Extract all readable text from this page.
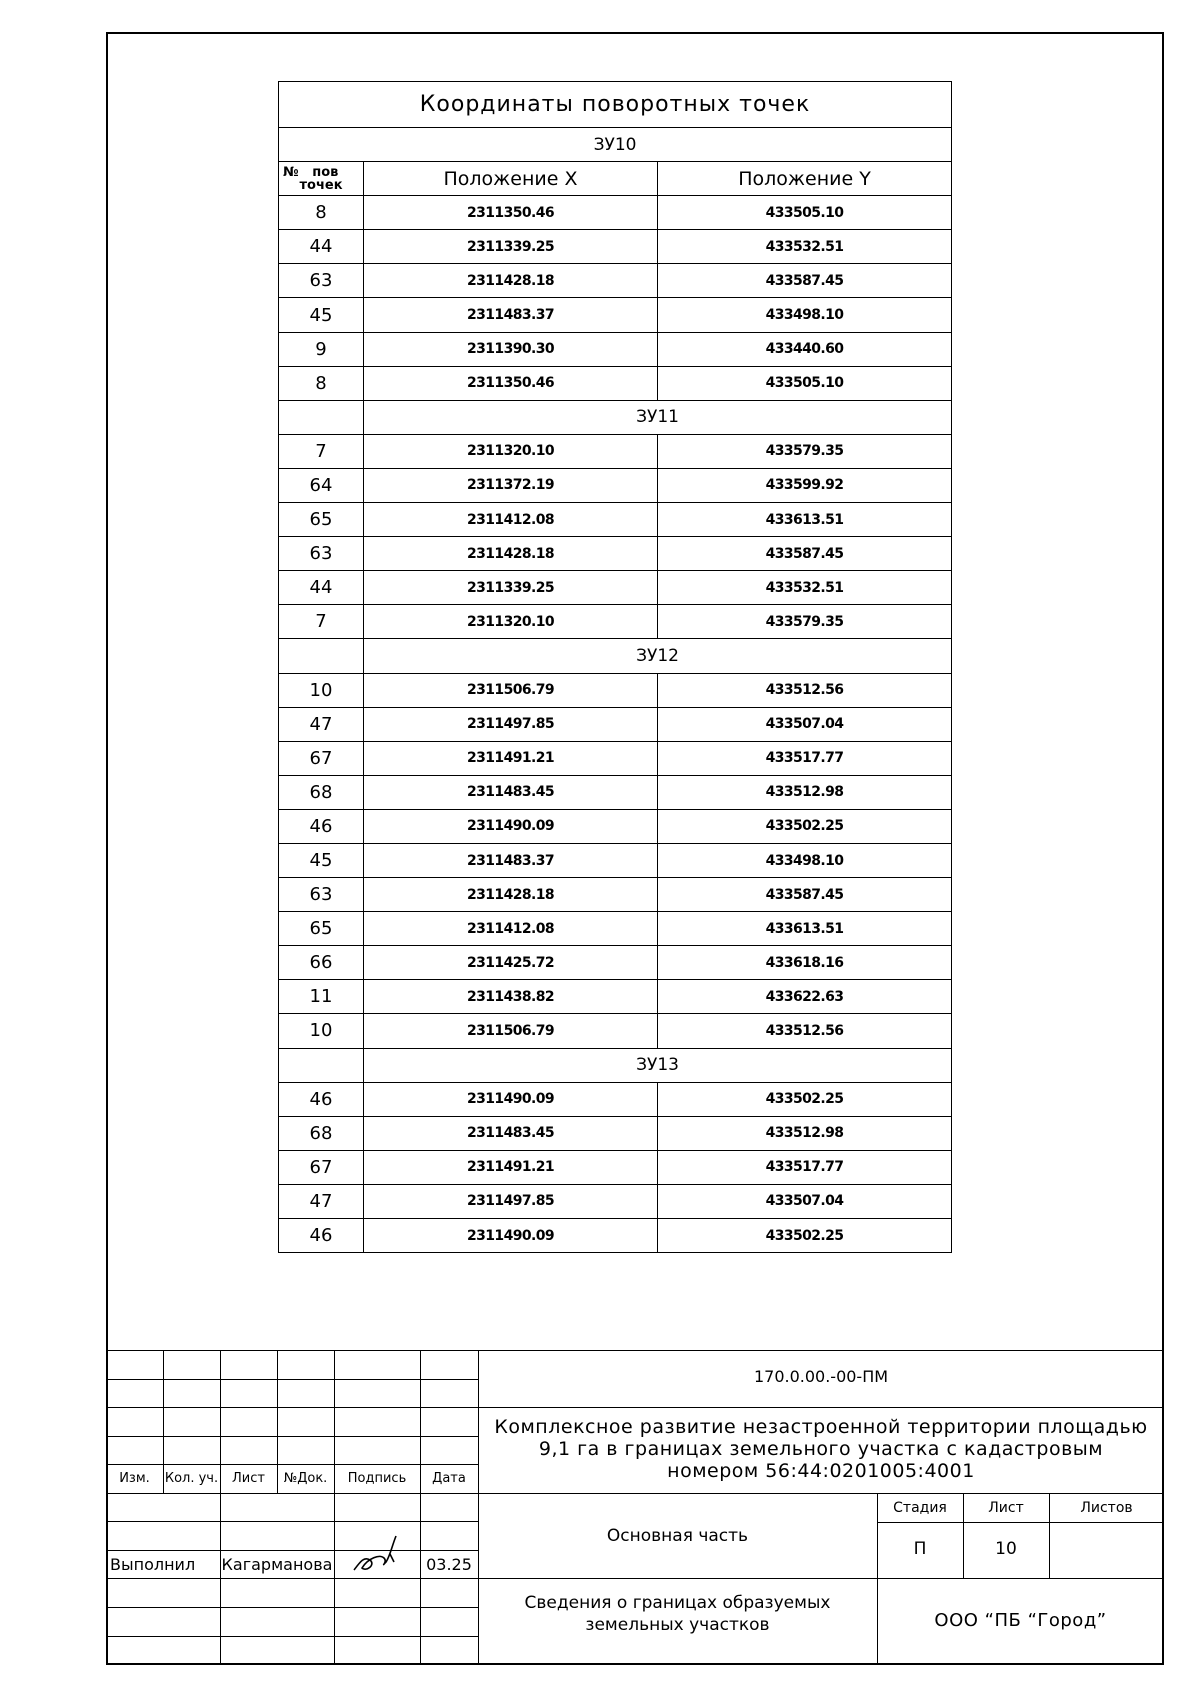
Координаты поворотных точек		
ЗУ10		

№   пов
точек	Положение X	Положение Y
8	2311350.46	433505.10
44	2311339.25	433532.51
63	2311428.18	433587.45
45	2311483.37	433498.10
9	2311390.30	433440.60
8	2311350.46	433505.10
	ЗУ11	
7	2311320.10	433579.35
64	2311372.19	433599.92
65	2311412.08	433613.51
63	2311428.18	433587.45
44	2311339.25	433532.51
7	2311320.10	433579.35
	ЗУ12	
10	2311506.79	433512.56
47	2311497.85	433507.04
67	2311491.21	433517.77
68	2311483.45	433512.98
46	2311490.09	433502.25
45	2311483.37	433498.10
63	2311428.18	433587.45
65	2311412.08	433613.51
66	2311425.72	433618.16
11	2311438.82	433622.63
10	2311506.79	433512.56
	ЗУ13	
46	2311490.09	433502.25
68	2311483.45	433512.98
67	2311491.21	433517.77
47	2311497.85	433507.04
46	2311490.09	433502.25
Изм.	Кол. уч.	Лист	№Док.	Подпись	Дата
Выполнил	Кагарманова	03.25
170.0.00.-00-ПМ
Комплексное развитие незастроенной территории площадью
9,1 га в границах земельного участка с кадастровым
номером 56:44:0201005:4001
Основная часть
Сведения о границах образуемых
земельных участков
Стадия	Лист	Листов
П	10
ООО “ПБ “Город”
